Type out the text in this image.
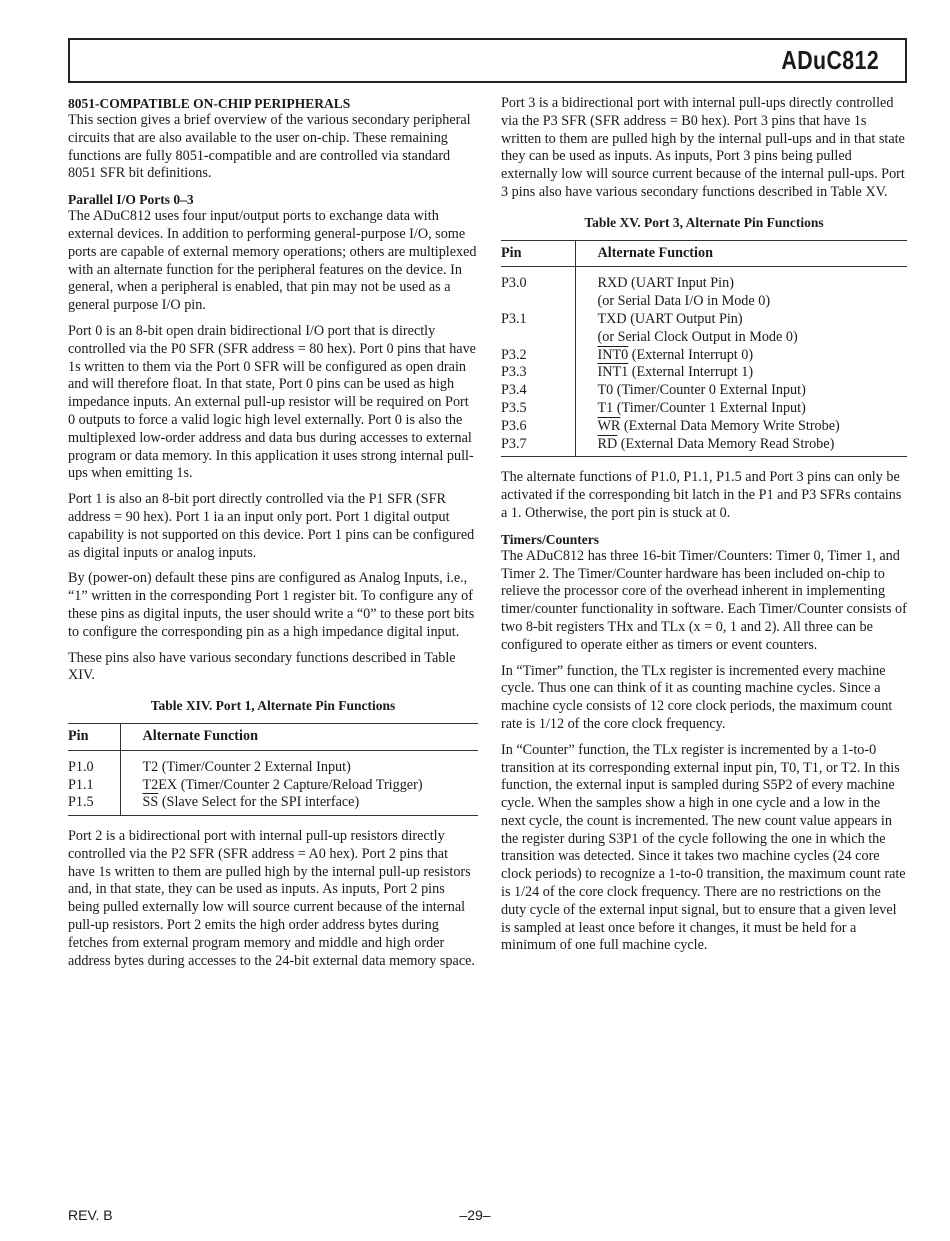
ADuC812
8051-COMPATIBLE ON-CHIP PERIPHERALS

This section gives a brief overview of the various secondary peripheral circuits that are also available to the user on-chip. These remaining functions are fully 8051-compatible and are controlled via standard 8051 SFR bit definitions.

Parallel I/O Ports 0–3

The ADuC812 uses four input/output ports to exchange data with external devices. In addition to performing general-purpose I/O, some ports are capable of external memory operations; others are multiplexed with an alternate function for the peripheral features on the device. In general, when a peripheral is enabled, that pin may not be used as a general purpose I/O pin.

Port 0 is an 8-bit open drain bidirectional I/O port that is directly controlled via the P0 SFR (SFR address = 80 hex). Port 0 pins that have 1s written to them via the Port 0 SFR will be configured as open drain and will therefore float. In that state, Port 0 pins can be used as high impedance inputs. An external pull-up resistor will be required on Port 0 outputs to force a valid logic high level externally. Port 0 is also the multiplexed low-order address and data bus during accesses to external program or data memory. In this application it uses strong internal pull-ups when emitting 1s.

Port 1 is also an 8-bit port directly controlled via the P1 SFR (SFR address = 90 hex). Port 1 ia an input only port. Port 1 digital output capability is not supported on this device. Port 1 pins can be configured as digital inputs or analog inputs.

By (power-on) default these pins are configured as Analog Inputs, i.e., “1” written in the corresponding Port 1 register bit. To configure any of these pins as digital inputs, the user should write a “0” to these port bits to configure the corresponding pin as a high impedance digital input.

These pins also have various secondary functions described in Table XIV.

Table XIV. Port 1, Alternate Pin Functions
Pin	Alternate Function
P1.0	T2 (Timer/Counter 2 External Input)
P1.1	T2EX (Timer/Counter 2 Capture/Reload Trigger)
P1.5	$\overline{SS}$ (Slave Select for the SPI interface)

Port 2 is a bidirectional port with internal pull-up resistors directly controlled via the P2 SFR (SFR address = A0 hex). Port 2 pins that have 1s written to them are pulled high by the internal pull-up resistors and, in that state, they can be used as inputs. As inputs, Port 2 pins being pulled externally low will source current because of the internal pull-up resistors. Port 2 emits the high order address bytes during fetches from external program memory and middle and high order address bytes during accesses to the 24-bit external data memory space.

Port 3 is a bidirectional port with internal pull-ups directly controlled via the P3 SFR (SFR address = B0 hex). Port 3 pins that have 1s written to them are pulled high by the internal pull-ups and in that state they can be used as inputs. As inputs, Port 3 pins being pulled externally low will source current because of the internal pull-ups. Port 3 pins also have various secondary functions described in Table XV.

Table XV. Port 3, Alternate Pin Functions
Pin	Alternate Function
P3.0	RXD (UART Input Pin)
(or Serial Data I/O in Mode 0)

P3.1	TXD (UART Output Pin)
(or Serial Clock Output in Mode 0)

P3.2	INT0 (External Interrupt 0)
P3.3	INT1 (External Interrupt 1)
P3.4	T0 (Timer/Counter 0 External Input)
P3.5	T1 (Timer/Counter 1 External Input)
P3.6	$\overline{WR}$ (External Data Memory Write Strobe)
P3.7	$\overline{RD}$ (External Data Memory Read Strobe)

The alternate functions of P1.0, P1.1, P1.5 and Port 3 pins can only be activated if the corresponding bit latch in the P1 and P3 SFRs contains a 1. Otherwise, the port pin is stuck at 0.

Timers/Counters

The ADuC812 has three 16-bit Timer/Counters: Timer 0, Timer 1, and Timer 2. The Timer/Counter hardware has been included on-chip to relieve the processor core of the overhead inherent in implementing timer/counter functionality in software. Each Timer/Counter consists of two 8-bit registers THx and TLx (x = 0, 1 and 2). All three can be configured to operate either as timers or event counters.

In “Timer” function, the TLx register is incremented every machine cycle. Thus one can think of it as counting machine cycles. Since a machine cycle consists of 12 core clock periods, the maximum count rate is 1/12 of the core clock frequency.

In “Counter” function, the TLx register is incremented by a 1-to-0 transition at its corresponding external input pin, T0, T1, or T2. In this function, the external input is sampled during S5P2 of every machine cycle. When the samples show a high in one cycle and a low in the next cycle, the count is incremented. The new count value appears in the register during S3P1 of the cycle following the one in which the transition was detected. Since it takes two machine cycles (24 core clock periods) to recognize a 1-to-0 transition, the maximum count rate is 1/24 of the core clock frequency. There are no restrictions on the duty cycle of the external input signal, but to ensure that a given level is sampled at least once before it changes, it must be held for a minimum of one full machine cycle.

REV. B	–29–
